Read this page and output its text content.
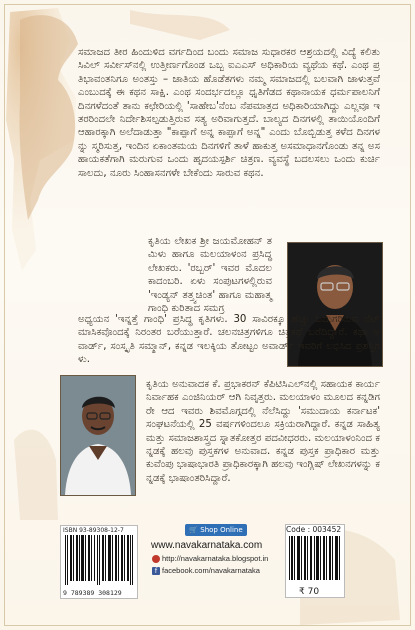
ಸಮಾಜದ ತೀರ ಹಿಂದುಳಿದ ವರ್ಗದಿಂದ ಬಂದು ಸಮಾಜ ಸುಧಾರಕರ ಆಶ್ರಯದಲ್ಲಿ ವಿದ್ಯೆ ಕಲಿತು ಸಿವಿಲ್ ಸರ್ವೀಸ್‌ನಲ್ಲಿ ಉತ್ತೀರ್ಣಗೊಂಡ ಒಬ್ಬ ಐಎಎಸ್ ಅಧಿಕಾರಿಯ ವ್ಯಥೆಯ ಕಥೆ. ಎಂಥ ಪ್ರತಿಭಾವಂತನಿಗೂ ಅಂತಸ್ತು – ಜಾತಿಯ ಹೊಡೆತಗಳು ನಮ್ಮ ಸಮಾಜದಲ್ಲಿ ಬಲವಾಗಿ ಜಾಳುತ್ತವೆ ಎಂಬುದಕ್ಕೆ ಈ ಕಥನ ಸಾಕ್ಷಿ. ಎಂಥ ಸಂದರ್ಭದಲ್ಲೂ ಧೃತಿಗೆಡದ ಕಥಾನಾಯಕ ಧರ್ಮಪಾಲನಿಗೆ ದಿನಗಳೆದಂತೆ ತಾನು ಕಛೇರಿಯಲ್ಲಿ 'ಸಾಹೇಬ'ನೆಂಬ ನೆಪಮಾತ್ರದ ಅಧಿಕಾರಿಯಾಗಿದ್ದು ಎಲ್ಲವೂ ಇತರರಿಂದಲೇ ನಿರ್ದೇಶಿಸಲ್ಪಡುತ್ತಿರುವ ಸತ್ಯ ಅರಿವಾಗುತ್ತದೆ. ಬಾಲ್ಯದ ದಿನಗಳಲ್ಲಿ ತಾಯಿಯೊಂದಿಗೆ ಆಹಾರಕ್ಕಾಗಿ ಅಲೆದಾಡುತ್ತಾ "ಕಾಪ್ಪಾಗೆ ಅನ್ನ ಕಾಪ್ಪಾಗೆ ಅನ್ನ" ಎಂದು ಬೊಬ್ಬಿಡುತ್ತ ಕಳೆದ ದಿನಗಳನ್ನು ಸ್ಮರಿಸುತ್ತ, ಇಂದಿನ ಏಕಾಂತಮಯ ದಿನಗಳಿಗೆ ತಾಳೆ ಹಾಕುತ್ತ ಅಸಮಾಧಾನಗೊಂಡು ತನ್ನ ಅಸಹಾಯಕತೆಗಾಗಿ ಮರುಗುವ ಒಂದು ಹೃದಯಸ್ಪರ್ಶಿ ಚಿತ್ರಣ. ವ್ಯವಸ್ಥೆ ಬದಲಸಲು ಒಂದು ಕುರ್ಚಿ ಸಾಲದು, ನೂರು ಸಿಂಹಾಸನಗಳೇ ಬೇಕೆಂದು ಸಾರುವ ಕಥನ.

ಕೃತಿಯ ಲೇಖಕ ಶ್ರೀ ಜಯಮೋಹನ್ ತಮಿಳು ಹಾಗೂ ಮಲಯಾಳಂನ ಪ್ರಸಿದ್ಧ ಲೇಖಕರು. 'ರಬ್ಬರ್' ಇವರ ಮೊದಲ ಕಾದಂಬರಿ. ಏಳು ಸಂಪುಟಗಳಲ್ಲಿರುವ 'ಇಂಡ್ಯನ್ ತತ್ತ್ವಚಿಂತ' ಹಾಗೂ ಮಹಾತ್ಮ ಗಾಂಧಿ ಕುರಿತಾದ ಸಮಗ್ರ

ಅಧ್ಯಯನ 'ಇನ್ನತ್ತೆ ಗಾಂಧಿ' ಪ್ರಸಿದ್ಧ ಕೃತಿಗಳು. 30 ಸಾವಿರಕ್ಕೂ ಹೆಚ್ಚು ಓದುಗರಿರುವ ನೆಟ್ ಮಾಸಿಕವೊಂದಕ್ಕೆ ನಿರಂತರ ಬರೆಯುತ್ತಾರೆ. ಚಲನಚಿತ್ರಗಳಿಗೂ ಚಿತ್ರಕಥೆ ಬರೆದಿದ್ದಾರೆ. ಕಥಾ ಅವಾರ್ಡ್, ಸಂಸ್ಕೃತಿ ಸಮ್ಮಾನ್, ಕನ್ನಡ ಇಲಕ್ಕಿಯ ತೋಟ್ಟಂ ಅವಾರ್ಡ್ ಇವರಿಗೆ ಲಭಿಸಿದ ಪ್ರಶಸ್ತಿಗಳು.

ಕೃತಿಯ ಅನುವಾದಕ ಕೆ. ಪ್ರಭಾಕರನ್ ಕೆಪಿಟಿಸಿಎಲ್‌ನಲ್ಲಿ ಸಹಾಯಕ ಕಾರ್ಯನಿರ್ವಾಹಕ ಎಂಜಿನಿಯರ್ ಆಗಿ ನಿವೃತ್ತರು. ಮಲಯಾಳಂ ಮೂಲದ ಕನ್ನಡಿಗರೇ ಆದ ಇವರು ಶಿವಮೊಗ್ಗದಲ್ಲಿ ನೆಲೆಸಿದ್ದು 'ಸಮುದಾಯ ಕರ್ನಾಟಕ' ಸಂಘಟನೆಯಲ್ಲಿ 25 ವರ್ಷಗಳಿಂದಲೂ ಸಕ್ರಿಯರಾಗಿದ್ದಾರೆ. ಕನ್ನಡ ಸಾಹಿತ್ಯ ಮತ್ತು ಸಮಾಜಶಾಸ್ತ್ರದ ಸ್ನಾತಕೋತ್ತರ ಪದವೀಧರರು. ಮಲಯಾಳಂನಿಂದ ಕನ್ನಡಕ್ಕೆ ಹಲವು ಪುಸ್ತಕಗಳ ಅನುವಾದ. ಕನ್ನಡ ಪುಸ್ತಕ ಪ್ರಾಧಿಕಾರ ಮತ್ತು ಕುವೆಂಪು ಭಾಷಾಭಾರತಿ ಪ್ರಾಧಿಕಾರಕ್ಕಾಗಿ ಹಲವು ಇಂಗ್ಲಿಷ್ ಲೇಖನಗಳನ್ನು ಕನ್ನಡಕ್ಕೆ ಭಾಷಾಂತರಿಸಿದ್ದಾರೆ.

ISBN 93-89308-12-7
9 789389 308129
🛒 Shop Online
www.navakarnataka.com
http://navakarnataka.blogspot.in
f facebook.com/navakarnataka
Code : 003452
₹ 70
